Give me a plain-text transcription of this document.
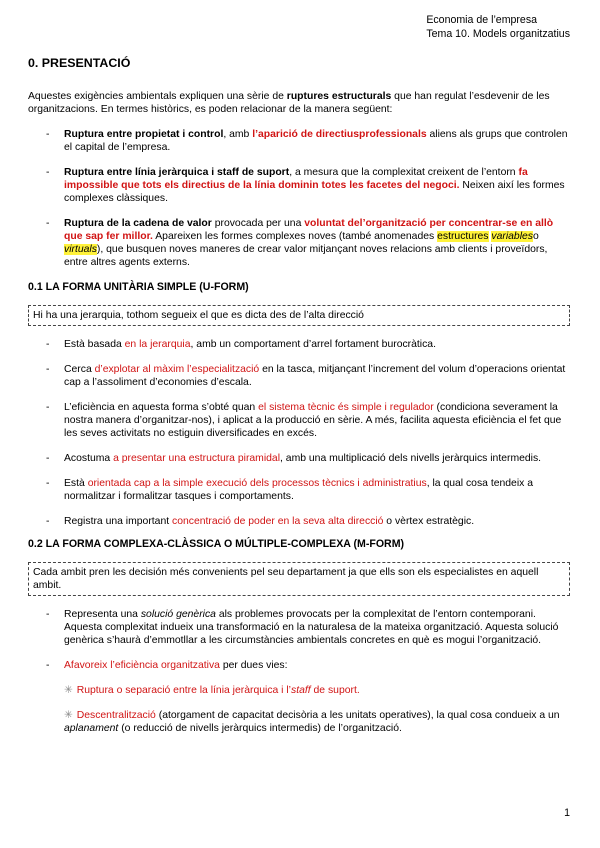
Economia de l’empresa
Tema 10. Models organitzatius
0. PRESENTACIÓ

Aquestes exigències ambientals expliquen una sèrie de ruptures estructurals que han regulat l’esdevenir de les organitzacions. En termes històrics, es poden relacionar de la manera següent:

- Ruptura entre propietat i control, amb l’aparició de directiusprofessionals aliens als grups que controlen el capital de l’empresa.
- Ruptura entre línia jeràrquica i staff de suport, a mesura que la complexitat creixent de l’entorn fa impossible que tots els directius de la línia dominin totes les facetes del negoci. Neixen així les formes complexes clàssiques.
- Ruptura de la cadena de valor provocada per una voluntat del’organització per concentrar-se en allò que sap fer millor. Apareixen les formes complexes noves (també anomenades estructures variableso virtuals), que busquen noves maneres de crear valor mitjançant noves relacions amb clients i proveïdors, entre altres agents externs.
0.1 LA FORMA UNITÀRIA SIMPLE (U-FORM)
Hi ha una jerarquia, tothom segueix el que es dicta des de l’alta direcció
- Està basada en la jerarquia, amb un comportament d’arrel fortament burocràtica.
- Cerca d’explotar al màxim l’especialització en la tasca, mitjançant l’increment del volum d’operacions orientat cap a l’assoliment d’economies d’escala.
- L’eficiència en aquesta forma s’obté quan el sistema tècnic és simple i regulador (condiciona severament la nostra manera d’organitzar-nos), i aplicat a la producció en sèrie. A més, facilita aquesta eficiència el fet que les seves activitats no estiguin diversificades en excés.
- Acostuma a presentar una estructura piramidal, amb una multiplicació dels nivells jeràrquics intermedis.
- Està orientada cap a la simple execució dels processos tècnics i administratius, la qual cosa tendeix a normalitzar i formalitzar tasques i comportaments.
- Registra una important concentració de poder en la seva alta direcció o vèrtex estratègic.
0.2 LA FORMA COMPLEXA-CLÀSSICA O MÚLTIPLE-COMPLEXA (M-FORM)
Cada ambit pren les decisión més convenients pel seu departament ja que ells son els especialistes en aquell ambit.
- Representa una solució genèrica als problemes provocats per la complexitat de l’entorn contemporani. Aquesta complexitat indueix una transformació en la naturalesa de la mateixa organització. Aquesta solució genèrica s’haurà d’emmotllar a les circumstàncies ambientals concretes en què es mogui l’organització.
- Afavoreix l’eficiència organitzativa per dues vies:

✳ Ruptura o separació entre la línia jeràrquica i l’staff de suport.

✳ Descentralització (atorgament de capacitat decisòria a les unitats operatives), la qual cosa condueix a un aplanament (o reducció de nivells jeràrquics intermedis) de l’organització.

1
